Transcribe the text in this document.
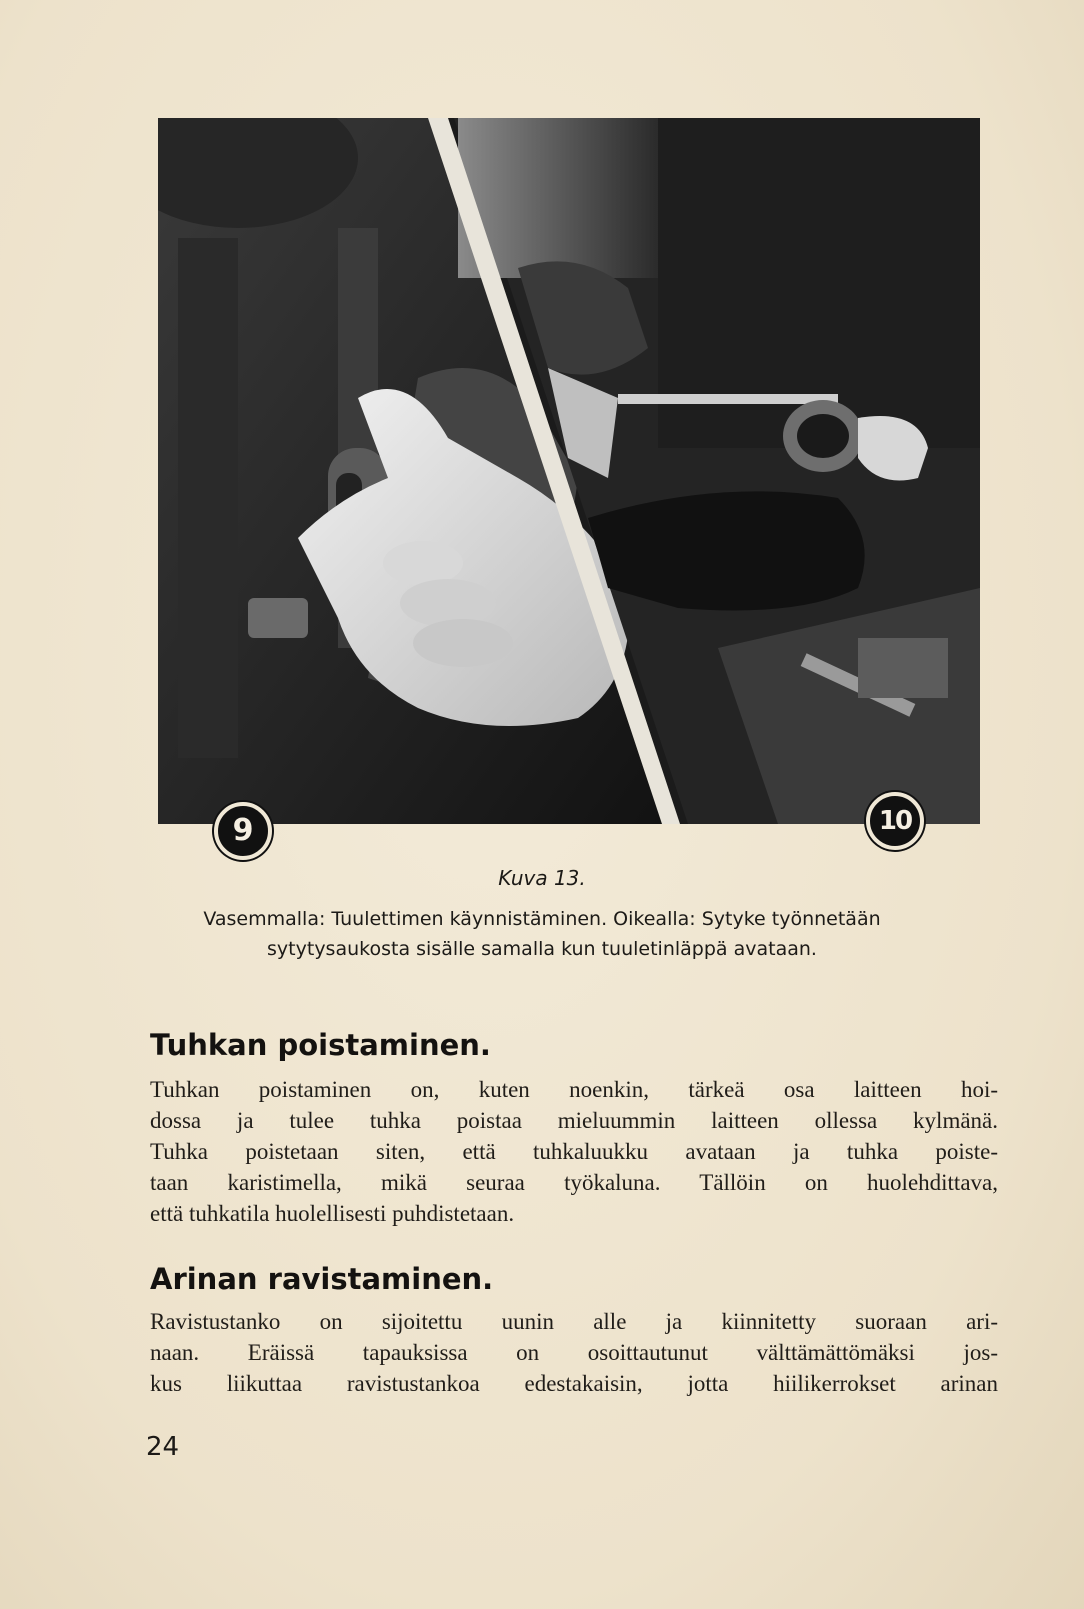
9	10
Kuva 13.
Vasemmalla: Tuulettimen käynnistäminen. Oikealla: Sytyke työnnetään
sytytysaukosta sisälle samalla kun tuuletinläppä avataan.
Tuhkan poistaminen.

Tuhkan poistaminen on, kuten noenkin, tärkeä osa laitteen hoi-
dossa ja tulee tuhka poistaa mieluummin laitteen ollessa kylmänä.
Tuhka poistetaan siten, että tuhkaluukku avataan ja tuhka poiste-
taan karistimella, mikä seuraa työkaluna. Tällöin on huolehdittava,
että tuhkatila huolellisesti puhdistetaan.

Arinan ravistaminen.

Ravistustanko on sijoitettu uunin alle ja kiinnitetty suoraan ari-
naan. Eräissä tapauksissa on osoittautunut välttämättömäksi jos-
kus liikuttaa ravistustankoa edestakaisin, jotta hiilikerrokset arinan

24
